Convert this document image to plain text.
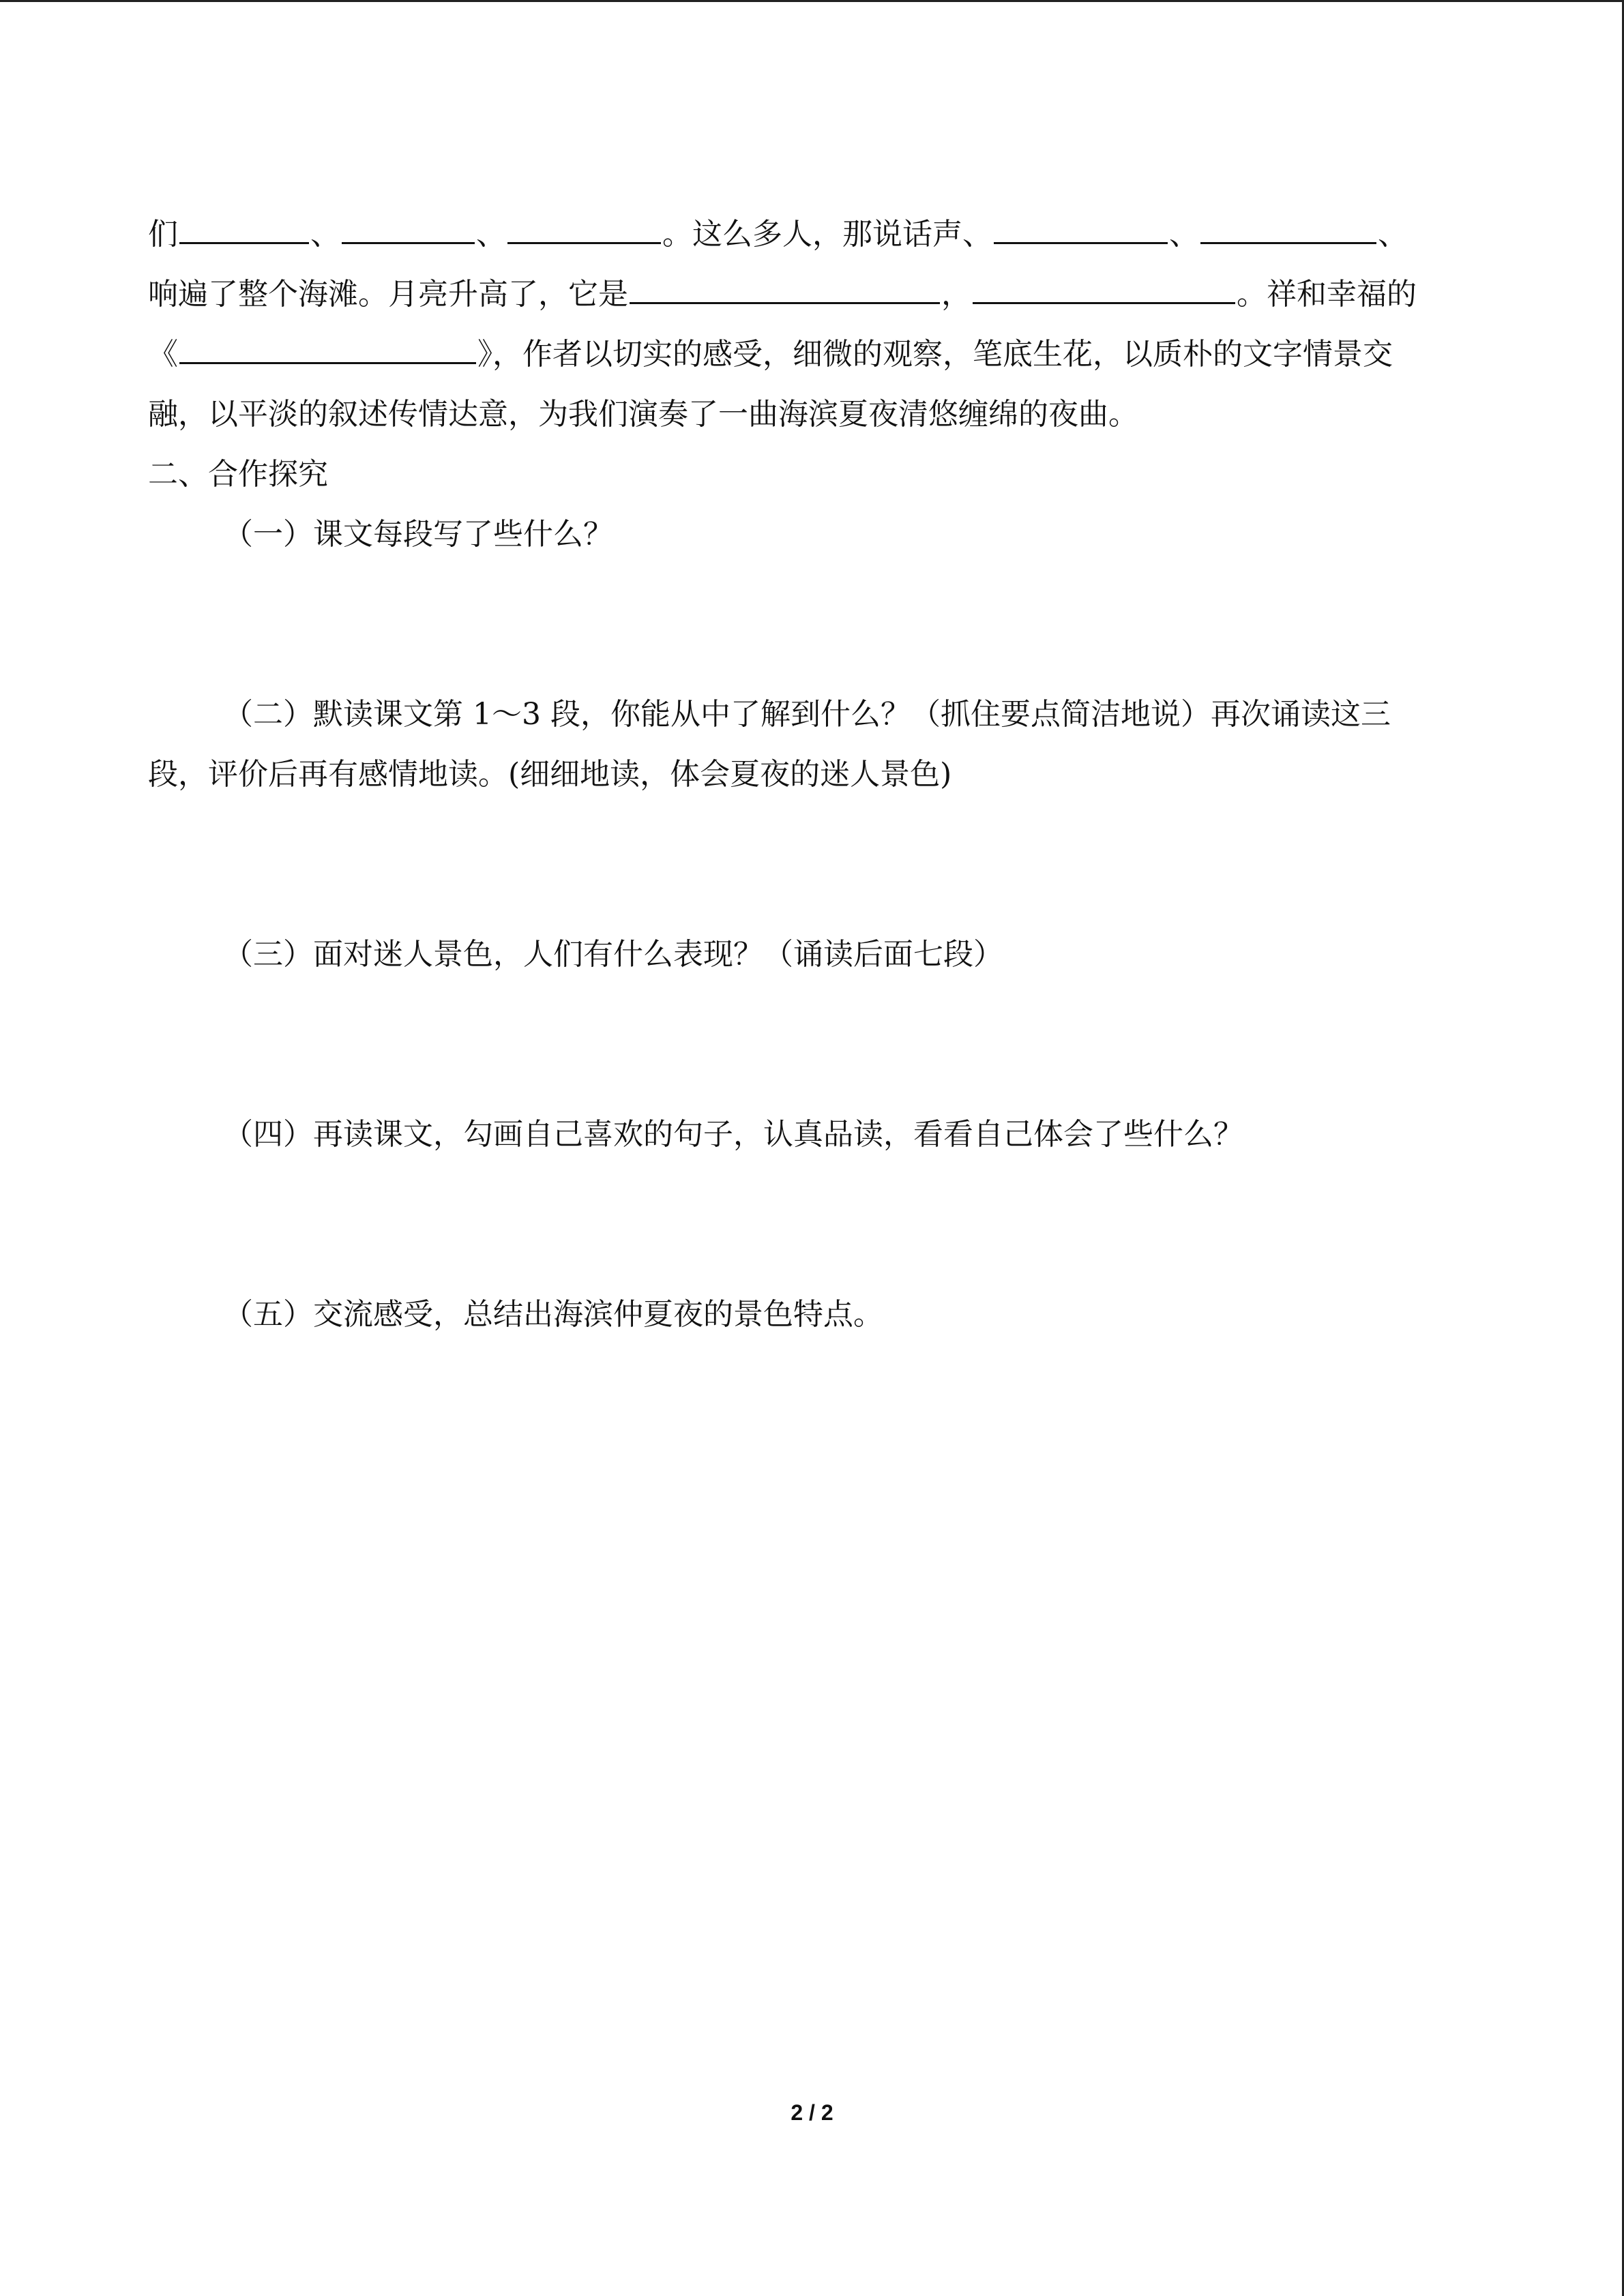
们	、	、	。这么多人，那说话声、	、	、
响遍了整个海滩。月亮升高了，它是	，	。祥和幸福的
《	》，作者以切实的感受，细微的观察，笔底生花，以质朴的文字情景交
融，以平淡的叙述传情达意，为我们演奏了一曲海滨夏夜清悠缠绵的夜曲。
二、合作探究
（一）课文每段写了些什么？
（二）默读课文第 1～3 段，你能从中了解到什么？（抓住要点简洁地说）再次诵读这三
段，评价后再有感情地读。(细细地读，体会夏夜的迷人景色)
（三）面对迷人景色，人们有什么表现？（诵读后面七段）
（四）再读课文，勾画自己喜欢的句子，认真品读，看看自己体会了些什么？
（五）交流感受，总结出海滨仲夏夜的景色特点。
2 / 2
